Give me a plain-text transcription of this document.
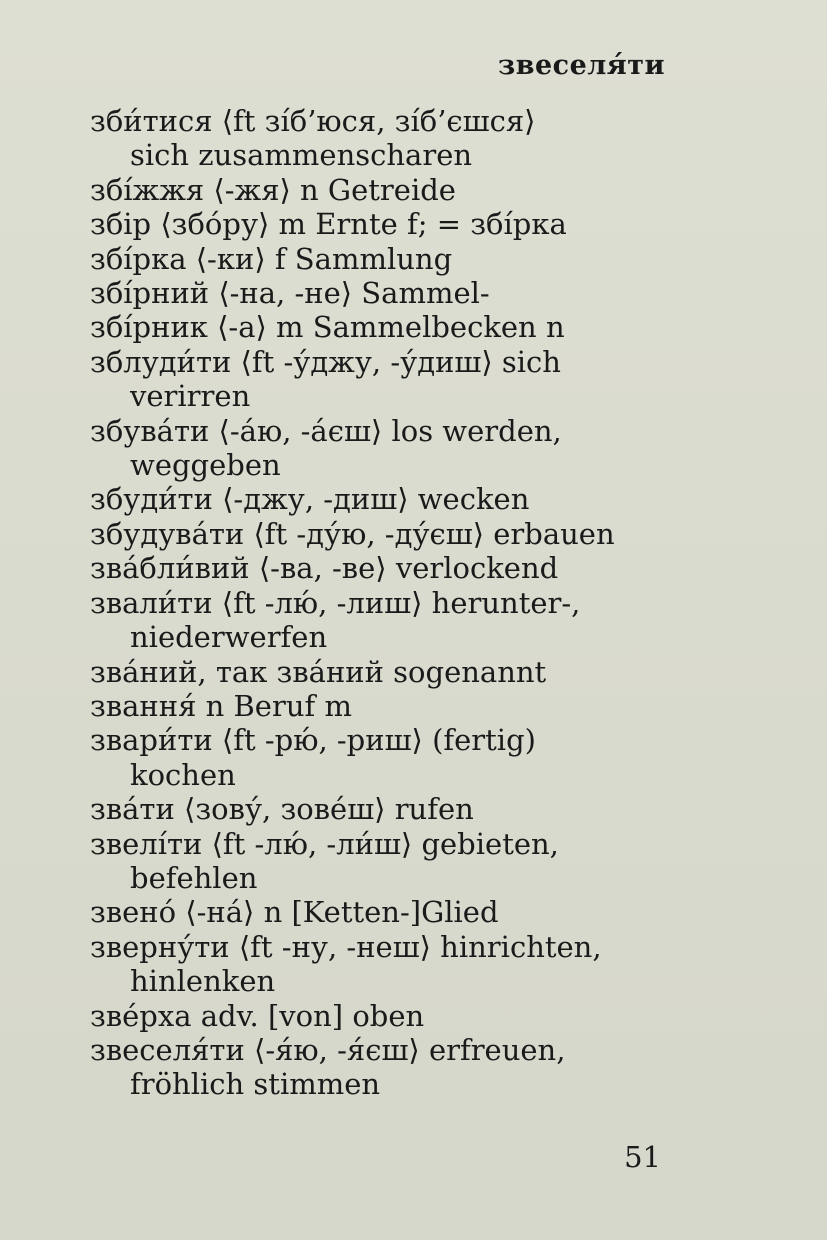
звеселя́ти
зби́тися ⟨ft зі́б’юся, зі́б’єшся⟩
sich zusammenscharen
збі́жжя ⟨-жя⟩ n Getreide
збір ⟨збо́ру⟩ m Ernte f; = збі́рка
збі́рка ⟨-ки⟩ f Sammlung
збі́рний ⟨-на, -не⟩ Sammel-
збі́рник ⟨-а⟩ m Sammelbecken n
зблуди́ти ⟨ft -у́джу, -у́диш⟩ sich
verirren
збува́ти ⟨-а́ю, -а́єш⟩ los werden,
weggeben
збуди́ти ⟨-джу, -диш⟩ wecken
збудува́ти ⟨ft -ду́ю, -ду́єш⟩ erbauen
зва́бли́вий ⟨-ва, -ве⟩ verlockend
звали́ти ⟨ft -лю́, -лиш⟩ herunter-,
niederwerfen
зва́ний, так зва́ний sogenannt
звання́ n Beruf m
звари́ти ⟨ft -рю́, -риш⟩ (fertig)
kochen
зва́ти ⟨зову́, зове́ш⟩ rufen
звелі́ти ⟨ft -лю́, -ли́ш⟩ gebieten,
befehlen
звено́ ⟨-на́⟩ n [Ketten-]Glied
зверну́ти ⟨ft -ну, -неш⟩ hinrichten,
hinlenken
зве́рха adv. [von] oben
звеселя́ти ⟨-я́ю, -я́єш⟩ erfreuen,
fröhlich stimmen
51
